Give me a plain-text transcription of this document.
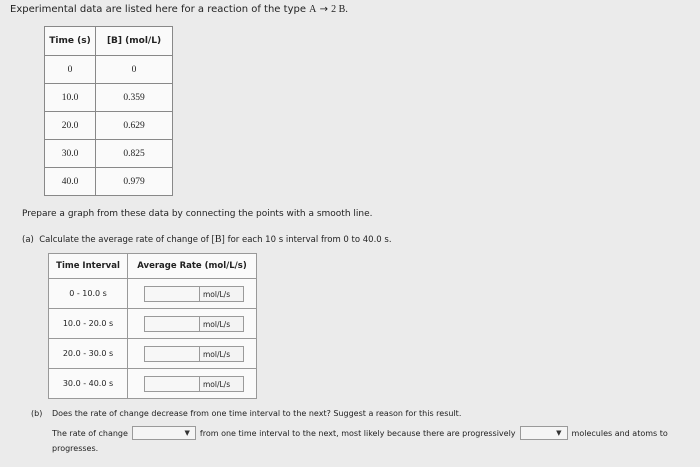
Experimental data are listed here for a reaction of the type A → 2 B.
Time (s)	[B] (mol/L)
0	0
10.0	0.359
20.0	0.629
30.0	0.825
40.0	0.979
Prepare a graph from these data by connecting the points with a smooth line.
(a) Calculate the average rate of change of [B] for each 10 s interval from 0 to 40.0 s.
Time Interval	Average Rate (mol/L/s)
0 - 10.0 s	mol/L/s

10.0 - 20.0 s	mol/L/s

20.0 - 30.0 s	mol/L/s

30.0 - 40.0 s	mol/L/s
(b) Does the rate of change decrease from one time interval to the next? Suggest a reason for this result.
The rate of change	▼ from one time interval to the next, most likely because there are progressively	▼ molecules and atoms to
progresses.
